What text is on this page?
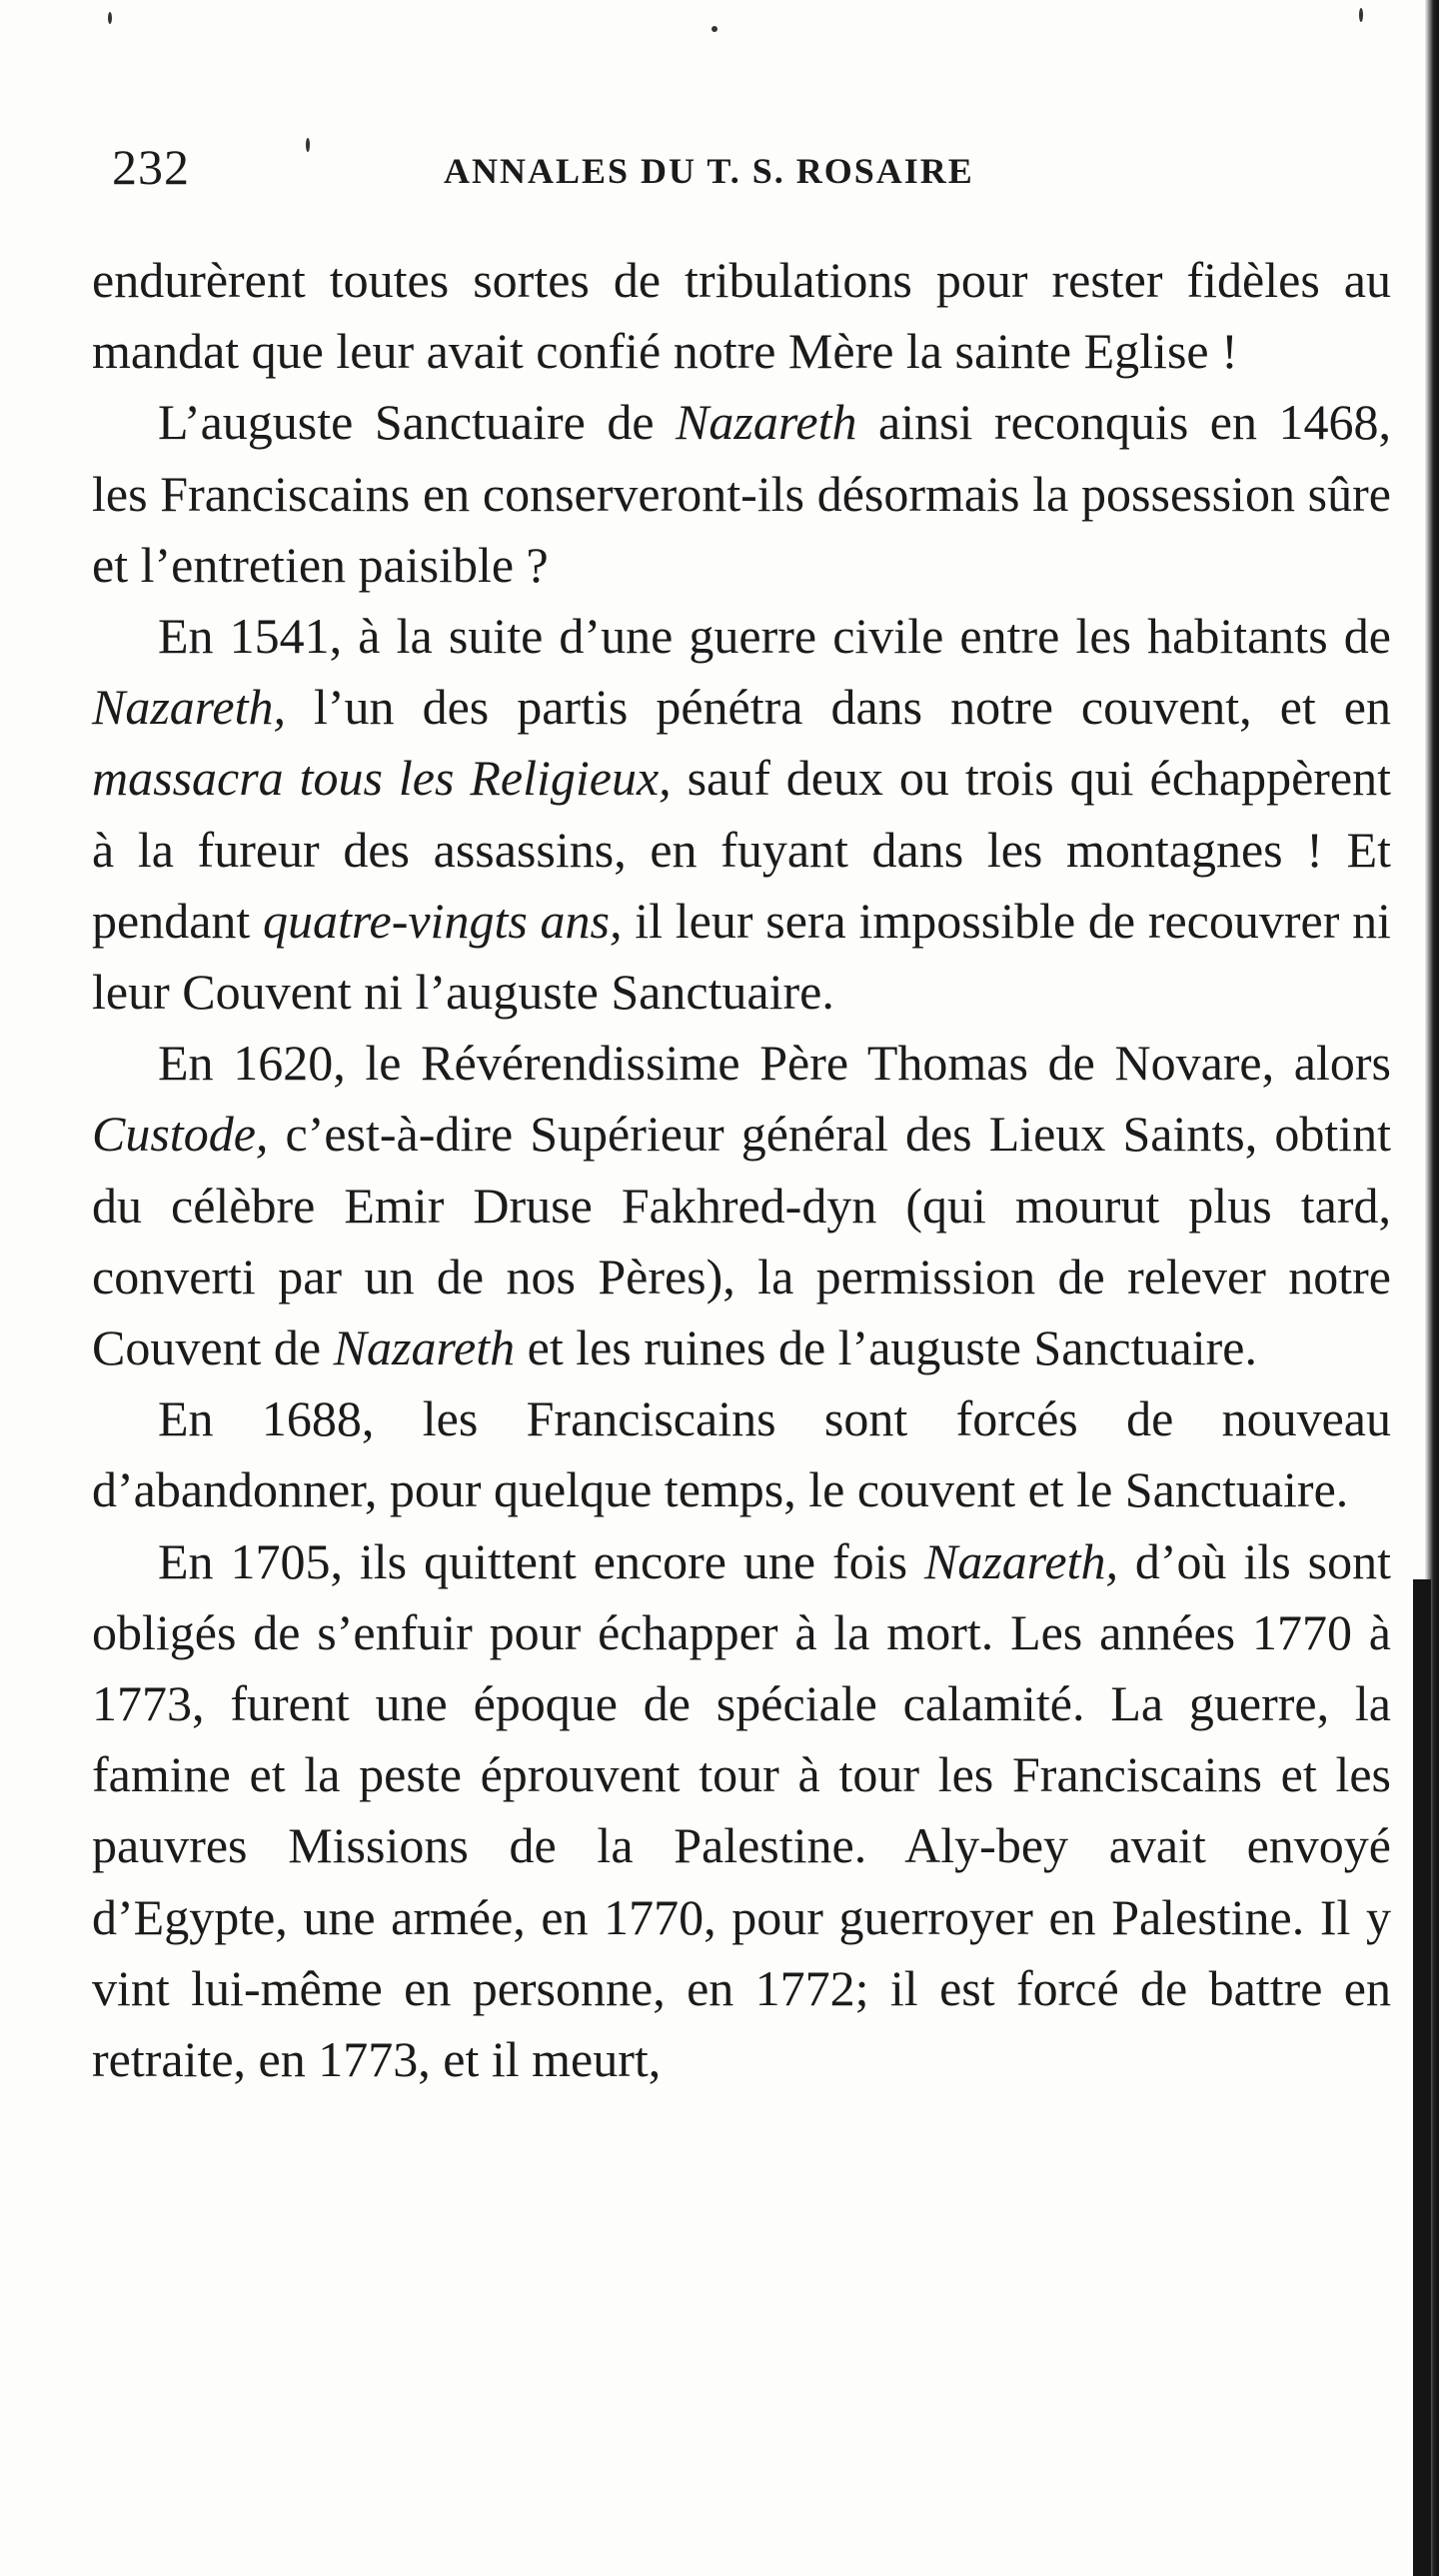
232	ANNALES DU T. S. ROSAIRE

endurèrent toutes sortes de tribulations pour rester fidèles au mandat que leur avait confié notre Mère la sainte Eglise !

L’auguste Sanctuaire de Nazareth ainsi reconquis en 1468, les Franciscains en conserveront-ils désormais la possession sûre et l’entretien paisible ?

En 1541, à la suite d’une guerre civile entre les habitants de Nazareth, l’un des partis pénétra dans notre couvent, et en massacra tous les Religieux, sauf deux ou trois qui échappèrent à la fureur des assassins, en fuyant dans les montagnes ! Et pendant quatre-vingts ans, il leur sera impossible de recouvrer ni leur Couvent ni l’auguste Sanctuaire.

En 1620, le Révérendissime Père Thomas de Novare, alors Custode, c’est-à-dire Supérieur général des Lieux Saints, obtint du célèbre Emir Druse Fakhred-dyn (qui mourut plus tard, converti par un de nos Pères), la permission de relever notre Couvent de Nazareth et les ruines de l’auguste Sanctuaire.

En 1688, les Franciscains sont forcés de nouveau d’abandonner, pour quelque temps, le couvent et le Sanctuaire.

En 1705, ils quittent encore une fois Nazareth, d’où ils sont obligés de s’enfuir pour échapper à la mort. Les années 1770 à 1773, furent une époque de spéciale calamité. La guerre, la famine et la peste éprouvent tour à tour les Franciscains et les pauvres Missions de la Palestine. Aly-bey avait envoyé d’Egypte, une armée, en 1770, pour guerroyer en Palestine. Il y vint lui-même en personne, en 1772; il est forcé de battre en retraite, en 1773, et il meurt,
